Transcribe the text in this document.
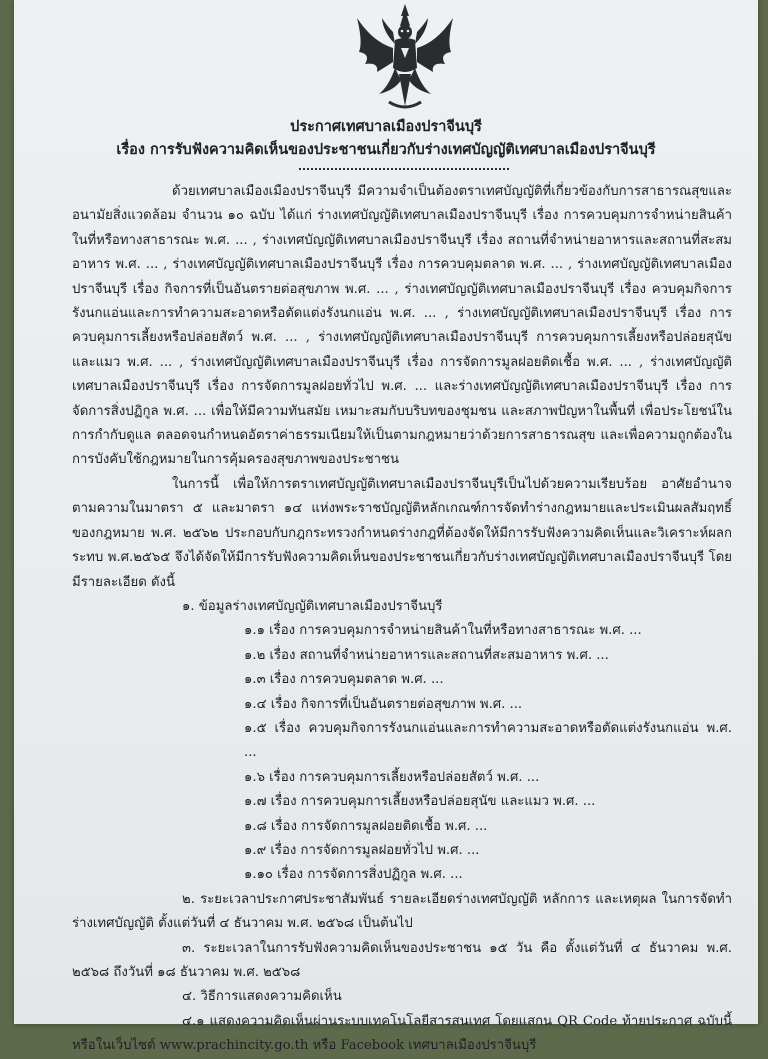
ประกาศเทศบาลเมืองปราจีนบุรี
เรื่อง การรับฟังความคิดเห็นของประชาชนเกี่ยวกับร่างเทศบัญญัติเทศบาลเมืองปราจีนบุรี

ด้วยเทศบาลเมืองเมืองปราจีนบุรี มีความจำเป็นต้องตราเทศบัญญัติที่เกี่ยวข้องกับการสาธารณสุขและอนามัยสิ่งแวดล้อม จำนวน ๑๐ ฉบับ ได้แก่ ร่างเทศบัญญัติเทศบาลเมืองปราจีนบุรี เรื่อง การควบคุมการจำหน่ายสินค้าในที่หรือทางสาธารณะ พ.ศ. ... , ร่างเทศบัญญัติเทศบาลเมืองปราจีนบุรี เรื่อง สถานที่จำหน่ายอาหารและสถานที่สะสมอาหาร พ.ศ. ... , ร่างเทศบัญญัติเทศบาลเมืองปราจีนบุรี เรื่อง การควบคุมตลาด พ.ศ. ... , ร่างเทศบัญญัติเทศบาลเมืองปราจีนบุรี เรื่อง กิจการที่เป็นอันตรายต่อสุขภาพ พ.ศ. ... , ร่างเทศบัญญัติเทศบาลเมืองปราจีนบุรี เรื่อง ควบคุมกิจการรังนกแอ่นและการทำความสะอาดหรือตัดแต่งรังนกแอ่น พ.ศ. ... , ร่างเทศบัญญัติเทศบาลเมืองปราจีนบุรี เรื่อง การควบคุมการเลี้ยงหรือปล่อยสัตว์ พ.ศ. ... , ร่างเทศบัญญัติเทศบาลเมืองปราจีนบุรี การควบคุมการเลี้ยงหรือปล่อยสุนัข และแมว พ.ศ. ... , ร่างเทศบัญญัติเทศบาลเมืองปราจีนบุรี เรื่อง การจัดการมูลฝอยติดเชื้อ พ.ศ. ... , ร่างเทศบัญญัติเทศบาลเมืองปราจีนบุรี เรื่อง การจัดการมูลฝอยทั่วไป พ.ศ. ... และร่างเทศบัญญัติเทศบาลเมืองปราจีนบุรี เรื่อง การจัดการสิ่งปฏิกูล พ.ศ. ... เพื่อให้มีความทันสมัย เหมาะสมกับบริบทของชุมชน และสภาพปัญหาในพื้นที่ เพื่อประโยชน์ในการกำกับดูแล ตลอดจนกำหนดอัตราค่าธรรมเนียมให้เป็นตามกฎหมายว่าด้วยการสาธารณสุข และเพื่อความถูกต้องในการบังคับใช้กฎหมายในการคุ้มครองสุขภาพของประชาชน

ในการนี้ เพื่อให้การตราเทศบัญญัติเทศบาลเมืองปราจีนบุรีเป็นไปด้วยความเรียบร้อย อาศัยอำนาจตามความในมาตรา ๕ และมาตรา ๑๔ แห่งพระราชบัญญัติหลักเกณฑ์การจัดทำร่างกฎหมายและประเมินผลสัมฤทธิ์ของกฎหมาย พ.ศ. ๒๕๖๒ ประกอบกับกฎกระทรวงกำหนดร่างกฎที่ต้องจัดให้มีการรับฟังความคิดเห็นและวิเคราะห์ผลกระทบ พ.ศ.๒๕๖๕ จึงได้จัดให้มีการรับฟังความคิดเห็นของประชาชนเกี่ยวกับร่างเทศบัญญัติเทศบาลเมืองปราจีนบุรี โดยมีรายละเอียด ดังนี้

๑. ข้อมูลร่างเทศบัญญัติเทศบาลเมืองปราจีนบุรี

๑.๑ เรื่อง การควบคุมการจำหน่ายสินค้าในที่หรือทางสาธารณะ พ.ศ. ...

๑.๒ เรื่อง สถานที่จำหน่ายอาหารและสถานที่สะสมอาหาร พ.ศ. ...

๑.๓ เรื่อง การควบคุมตลาด พ.ศ. ...

๑.๔ เรื่อง กิจการที่เป็นอันตรายต่อสุขภาพ พ.ศ. ...

๑.๕ เรื่อง ควบคุมกิจการรังนกแอ่นและการทำความสะอาดหรือตัดแต่งรังนกแอ่น พ.ศ. ...

๑.๖ เรื่อง การควบคุมการเลี้ยงหรือปล่อยสัตว์ พ.ศ. ...

๑.๗ เรื่อง การควบคุมการเลี้ยงหรือปล่อยสุนัข และแมว พ.ศ. ...

๑.๘ เรื่อง การจัดการมูลฝอยติดเชื้อ พ.ศ. ...

๑.๙ เรื่อง การจัดการมูลฝอยทั่วไป พ.ศ. ...

๑.๑๐ เรื่อง การจัดการสิ่งปฏิกูล พ.ศ. ...

๒. ระยะเวลาประกาศประชาสัมพันธ์ รายละเอียดร่างเทศบัญญัติ หลักการ และเหตุผล ในการจัดทำร่างเทศบัญญัติ ตั้งแต่วันที่ ๔ ธันวาคม พ.ศ. ๒๕๖๘ เป็นต้นไป

๓. ระยะเวลาในการรับฟังความคิดเห็นของประชาชน ๑๕ วัน คือ ตั้งแต่วันที่ ๔ ธันวาคม พ.ศ. ๒๕๖๘ ถึงวันที่ ๑๘ ธันวาคม พ.ศ. ๒๕๖๘

๔. วิธีการแสดงความคิดเห็น

๔.๑ แสดงความคิดเห็นผ่านระบบเทคโนโลยีสารสนเทศ โดยแสกน QR Code ท้ายประกาศ ฉบับนี้ หรือในเว็บไซต์ www.prachincity.go.th หรือ Facebook เทศบาลเมืองปราจีนบุรี
